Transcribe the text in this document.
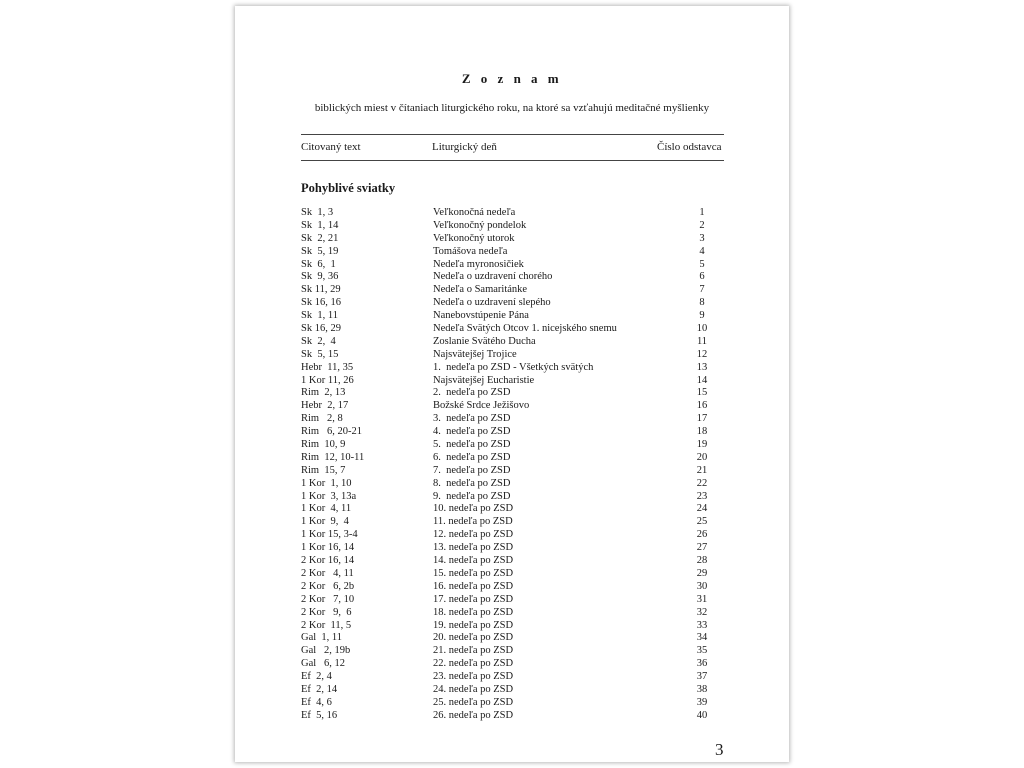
Z o z n a m
biblických miest v čítaniach liturgického roku, na ktoré sa vzťahujú meditačné myšlienky
Citovaný text	Liturgický deň	Číslo odstavca
Pohyblivé sviatky
Sk  1, 3	Veľkonočná nedeľa	1
Sk  1, 14	Veľkonočný pondelok	2
Sk  2, 21	Veľkonočný utorok	3
Sk  5, 19	Tomášova nedeľa	4
Sk  6,  1	Nedeľa myronosičiek	5
Sk  9, 36	Nedeľa o uzdravení chorého	6
Sk 11, 29	Nedeľa o Samaritánke	7
Sk 16, 16	Nedeľa o uzdravení slepého	8
Sk  1, 11	Nanebovstúpenie Pána	9
Sk 16, 29	Nedeľa Svätých Otcov 1. nicejského snemu	10
Sk  2,  4	Zoslanie Svätého Ducha	11
Sk  5, 15	Najsvätejšej Trojice	12
Hebr  11, 35	1.  nedeľa po ZSD - Všetkých svätých	13
1 Kor 11, 26	Najsvätejšej Eucharistie	14
Rim  2, 13	2.  nedeľa po ZSD	15
Hebr  2, 17	Božské Srdce Ježišovo	16
Rim   2, 8	3.  nedeľa po ZSD	17
Rim   6, 20-21	4.  nedeľa po ZSD	18
Rim  10, 9	5.  nedeľa po ZSD	19
Rim  12, 10-11	6.  nedeľa po ZSD	20
Rim  15, 7	7.  nedeľa po ZSD	21
1 Kor  1, 10	8.  nedeľa po ZSD	22
1 Kor  3, 13a	9.  nedeľa po ZSD	23
1 Kor  4, 11	10. nedeľa po ZSD	24
1 Kor  9,  4	11. nedeľa po ZSD	25
1 Kor 15, 3-4	12. nedeľa po ZSD	26
1 Kor 16, 14	13. nedeľa po ZSD	27
2 Kor 16, 14	14. nedeľa po ZSD	28
2 Kor   4, 11	15. nedeľa po ZSD	29
2 Kor   6, 2b	16. nedeľa po ZSD	30
2 Kor   7, 10	17. nedeľa po ZSD	31
2 Kor   9,  6	18. nedeľa po ZSD	32
2 Kor  11, 5	19. nedeľa po ZSD	33
Gal  1, 11	20. nedeľa po ZSD	34
Gal   2, 19b	21. nedeľa po ZSD	35
Gal   6, 12	22. nedeľa po ZSD	36
Ef  2, 4	23. nedeľa po ZSD	37
Ef  2, 14	24. nedeľa po ZSD	38
Ef  4, 6	25. nedeľa po ZSD	39
Ef  5, 16	26. nedeľa po ZSD	40
3
